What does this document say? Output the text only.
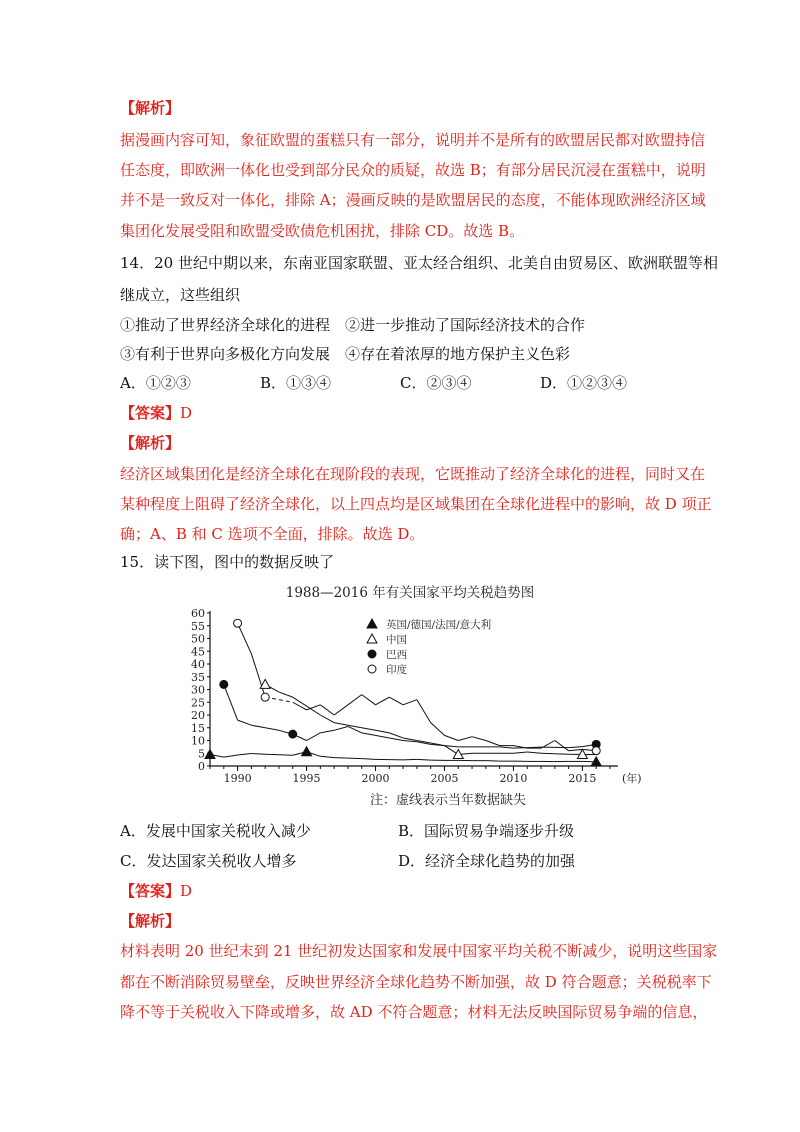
【解析】
据漫画内容可知，象征欧盟的蛋糕只有一部分，说明并不是所有的欧盟居民都对欧盟持信
任态度，即欧洲一体化也受到部分民众的质疑，故选 B；有部分居民沉浸在蛋糕中，说明
并不是一致反对一体化，排除 A；漫画反映的是欧盟居民的态度，不能体现欧洲经济区域
集团化发展受阻和欧盟受欧债危机困扰，排除 CD。故选 B。
14．20 世纪中期以来，东南亚国家联盟、亚太经合组织、北美自由贸易区、欧洲联盟等相
继成立，这些组织
①推动了世界经济全球化的进程　②进一步推动了国际经济技术的合作
③有利于世界向多极化方向发展　④存在着浓厚的地方保护主义色彩
A．①②③	B．①③④	C．②③④	D．①②③④
【答案】D
【解析】
经济区域集团化是经济全球化在现阶段的表现，它既推动了经济全球化的进程，同时又在
某种程度上阻碍了经济全球化，以上四点均是区域集团在全球化进程中的影响，故 D 项正
确；A、B 和 C 选项不全面，排除。故选 D。
15．读下图，图中的数据反映了
1988—2016 年有关国家平均关税趋势图
0
5
10
15
20
25
30
35
40
45
50
55
60
1990	1995	2000	2005	2010	2015 (年)
英国/德国/法国/意大利
中国
巴西
印度
注：虚线表示当年数据缺失
A．发展中国家关税收入减少	B．国际贸易争端逐步升级
C．发达国家关税收人增多	D．经济全球化趋势的加强
【答案】D
【解析】
材料表明 20 世纪末到 21 世纪初发达国家和发展中国家平均关税不断减少，说明这些国家
都在不断消除贸易壁垒，反映世界经济全球化趋势不断加强，故 D 符合题意；关税税率下
降不等于关税收入下降或增多，故 AD 不符合题意；材料无法反映国际贸易争端的信息，
